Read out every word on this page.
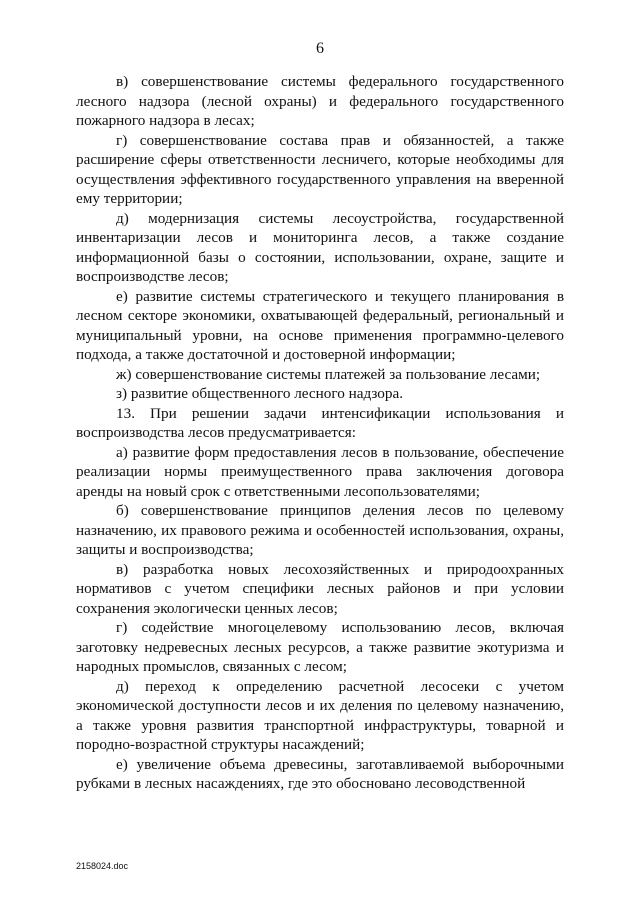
6

в) совершенствование системы федерального государственного лесного надзора (лесной охраны) и федерального государственного пожарного надзора в лесах;

г) совершенствование состава прав и обязанностей, а также расширение сферы ответственности лесничего, которые необходимы для осуществления эффективного государственного управления на вверенной ему территории;

д) модернизация системы лесоустройства, государственной инвентаризации лесов и мониторинга лесов, а также создание информационной базы о состоянии, использовании, охране, защите и воспроизводстве лесов;

е) развитие системы стратегического и текущего планирования в лесном секторе экономики, охватывающей федеральный, региональный и муниципальный уровни, на основе применения программно-целевого подхода, а также достаточной и достоверной информации;

ж) совершенствование системы платежей за пользование лесами;

з) развитие общественного лесного надзора.

13. При решении задачи интенсификации использования и воспроизводства лесов предусматривается:

а) развитие форм предоставления лесов в пользование, обеспечение реализации нормы преимущественного права заключения договора аренды на новый срок с ответственными лесопользователями;

б) совершенствование принципов деления лесов по целевому назначению, их правового режима и особенностей использования, охраны, защиты и воспроизводства;

в) разработка новых лесохозяйственных и природоохранных нормативов с учетом специфики лесных районов и при условии сохранения экологически ценных лесов;

г) содействие многоцелевому использованию лесов, включая заготовку недревесных лесных ресурсов, а также развитие экотуризма и народных промыслов, связанных с лесом;

д) переход к определению расчетной лесосеки с учетом экономической доступности лесов и их деления по целевому назначению, а также уровня развития транспортной инфраструктуры, товарной и породно-возрастной структуры насаждений;

е) увеличение объема древесины, заготавливаемой выборочными рубками в лесных насаждениях, где это обосновано лесоводственной

2158024.doc
